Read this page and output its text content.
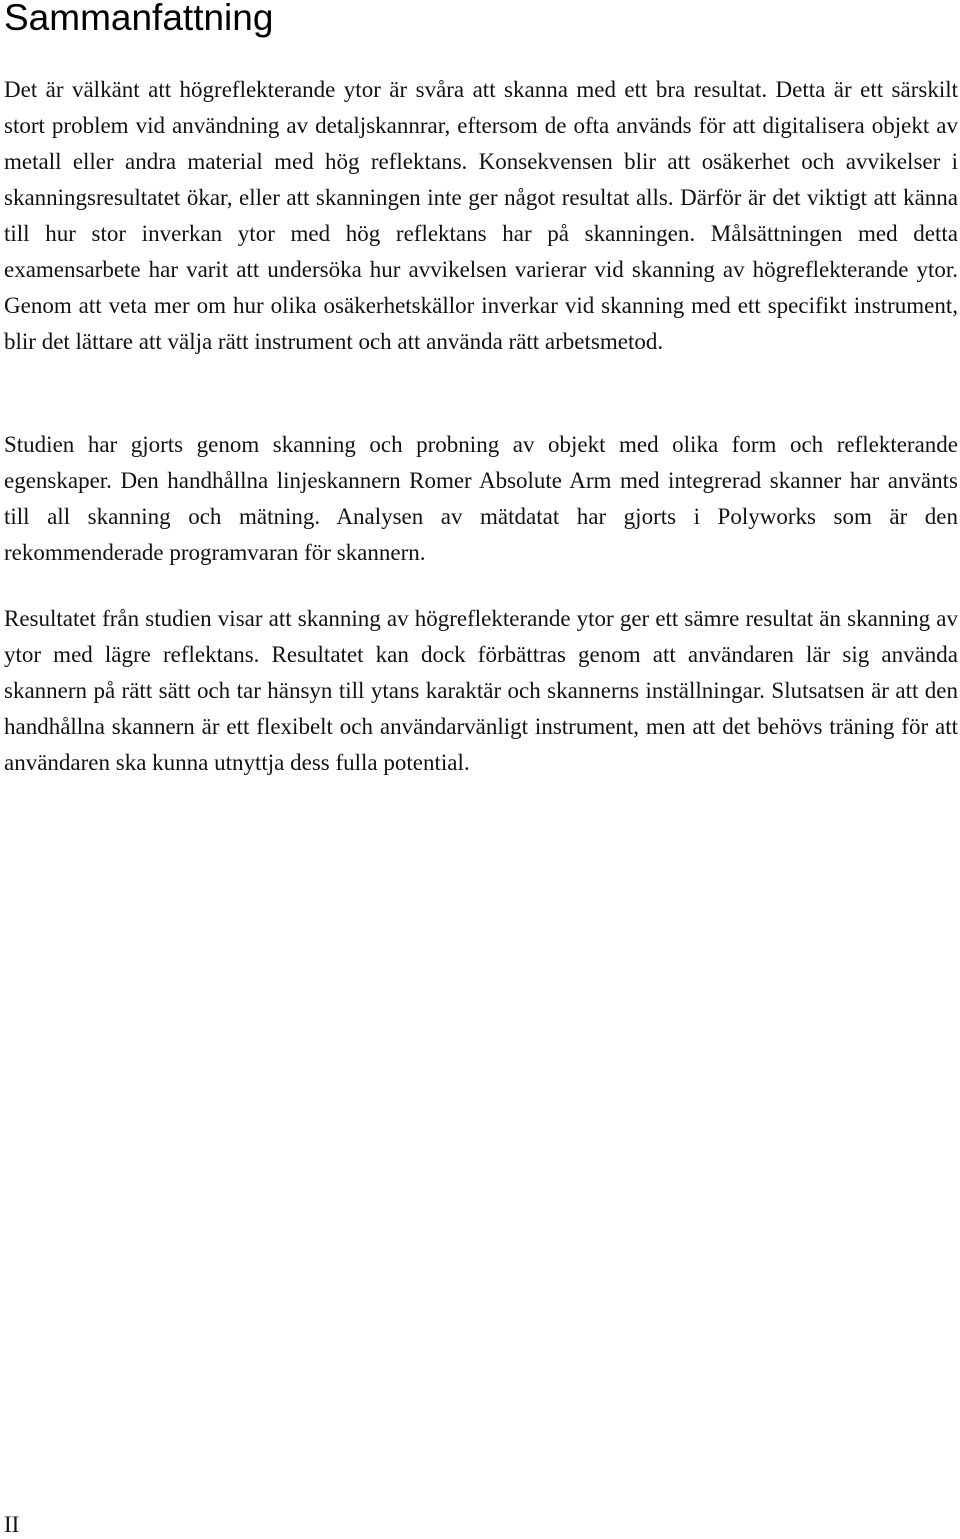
Sammanfattning

Det är välkänt att högreflekterande ytor är svåra att skanna med ett bra resultat. Detta är ett särskilt stort problem vid användning av detaljskannrar, eftersom de ofta används för att digitalisera objekt av metall eller andra material med hög reflektans. Konsekvensen blir att osäkerhet och avvikelser i skanningsresultatet ökar, eller att skanningen inte ger något resultat alls. Därför är det viktigt att känna till hur stor inverkan ytor med hög reflektans har på skanningen. Målsättningen med detta examensarbete har varit att undersöka hur avvikelsen varierar vid skanning av högreflekterande ytor. Genom att veta mer om hur olika osäkerhetskällor inverkar vid skanning med ett specifikt instrument, blir det lättare att välja rätt instrument och att använda rätt arbetsmetod.

Studien har gjorts genom skanning och probning av objekt med olika form och reflekterande egenskaper. Den handhållna linjeskannern Romer Absolute Arm med integrerad skanner har använts till all skanning och mätning. Analysen av mätdatat har gjorts i Polyworks som är den rekommenderade programvaran för skannern.

Resultatet från studien visar att skanning av högreflekterande ytor ger ett sämre resultat än skanning av ytor med lägre reflektans. Resultatet kan dock förbättras genom att användaren lär sig använda skannern på rätt sätt och tar hänsyn till ytans karaktär och skannerns inställningar. Slutsatsen är att den handhållna skannern är ett flexibelt och användarvänligt instrument, men att det behövs träning för att användaren ska kunna utnyttja dess fulla potential.

II
